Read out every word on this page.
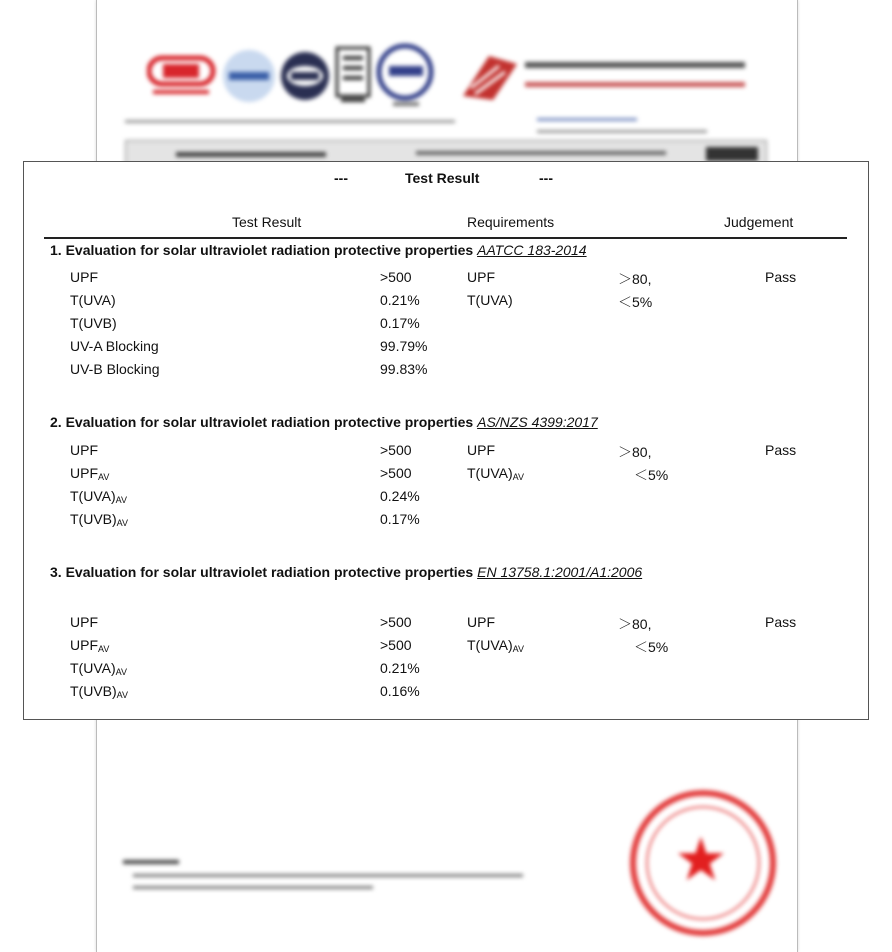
★
---	Test Result	---
Test Result	Requirements	Judgement
1. Evaluation for solar ultraviolet radiation protective properties AATCC 183-2014
UPF	>500	UPF	＞80,	Pass
T(UVA)	0.21%	T(UVA)	＜5%
T(UVB)	0.17%
UV-A Blocking	99.79%
UV-B Blocking	99.83%
2. Evaluation for solar ultraviolet radiation protective properties AS/NZS 4399:2017
UPF	>500	UPF	＞80,	Pass
$UPF_{AV}$	>500	$T(UVA)_{AV}$	＜5%
$T(UVA)_{AV}$	0.24%
$T(UVB)_{AV}$	0.17%
3. Evaluation for solar ultraviolet radiation protective properties EN 13758.1:2001/A1:2006
UPF	>500	UPF	＞80,	Pass
$UPF_{AV}$	>500	$T(UVA)_{AV}$	＜5%
$T(UVA)_{AV}$	0.21%
$T(UVB)_{AV}$	0.16%
